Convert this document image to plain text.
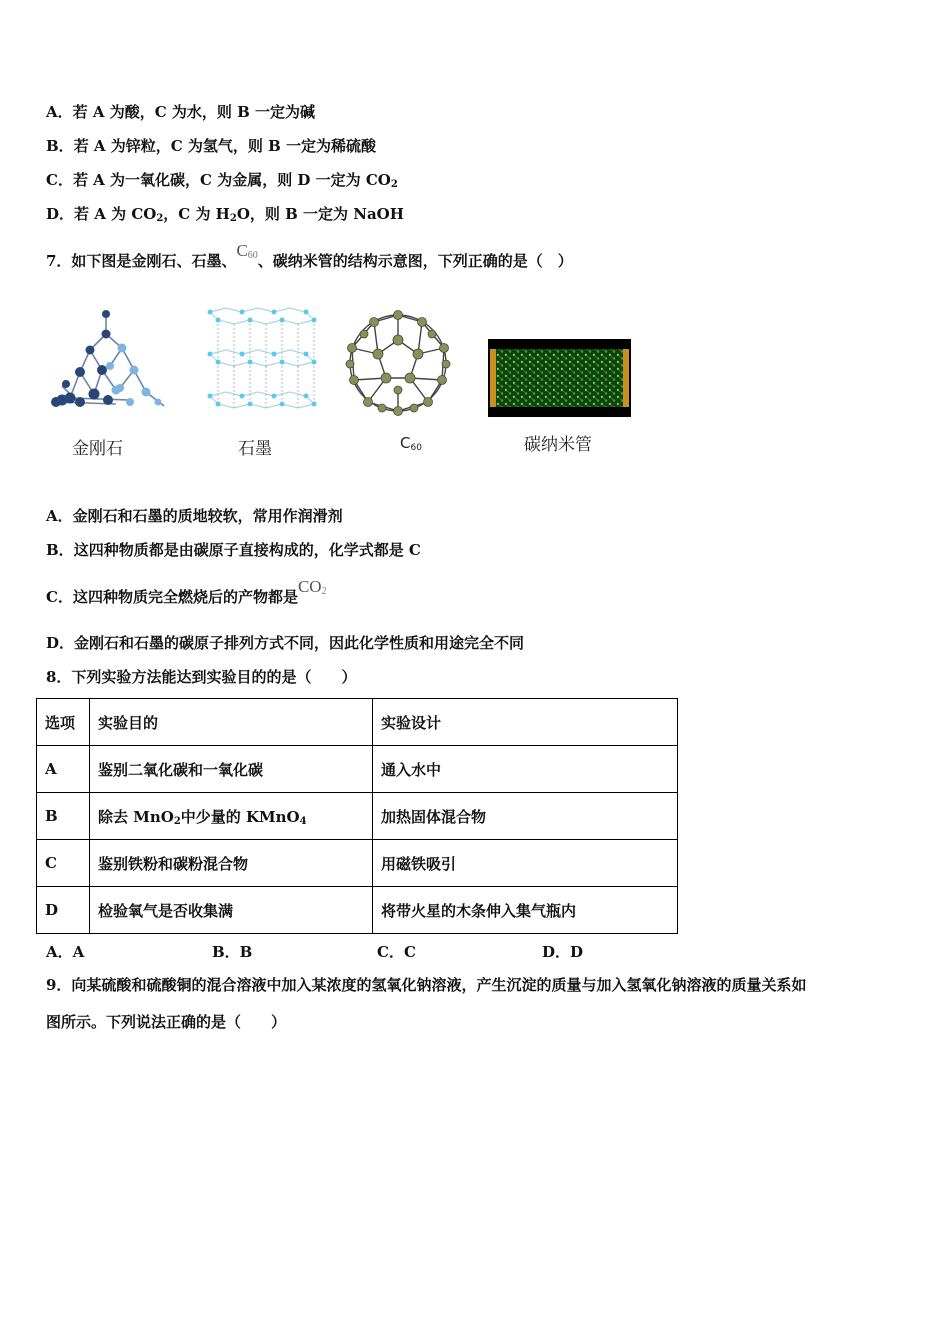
A．若 A 为酸，C 为水，则 B 一定为碱
B．若 A 为锌粒，C 为氢气，则 B 一定为稀硫酸
C．若 A 为一氧化碳，C 为金属，则 D 一定为 $CO_2$
D．若 A 为 $CO_2$，C 为 $H_2O$，则 B 一定为 NaOH
7．如下图是金刚石、石墨、$C_{60}$、碳纳米管的结构示意图，下列正确的是（　）
金刚石	石墨	$C_{60}$	碳纳米管
A．金刚石和石墨的质地较软，常用作润滑剂
B．这四种物质都是由碳原子直接构成的，化学式都是 C
C．这四种物质完全燃烧后的产物都是$CO_2$
D．金刚石和石墨的碳原子排列方式不同，因此化学性质和用途完全不同
8．下列实验方法能达到实验目的的是（　　）
选项	实验目的	实验设计
A	鉴别二氧化碳和一氧化碳	通入水中
B	除去 MnO$_2$中少量的 KMnO$_4$	加热固体混合物
C	鉴别铁粉和碳粉混合物	用磁铁吸引
D	检验氧气是否收集满	将带火星的木条伸入集气瓶内
A．A	B．B	C．C	D．D
9．向某硫酸和硫酸铜的混合溶液中加入某浓度的氢氧化钠溶液，产生沉淀的质量与加入氢氧化钠溶液的质量关系如
图所示。下列说法正确的是（　　）
